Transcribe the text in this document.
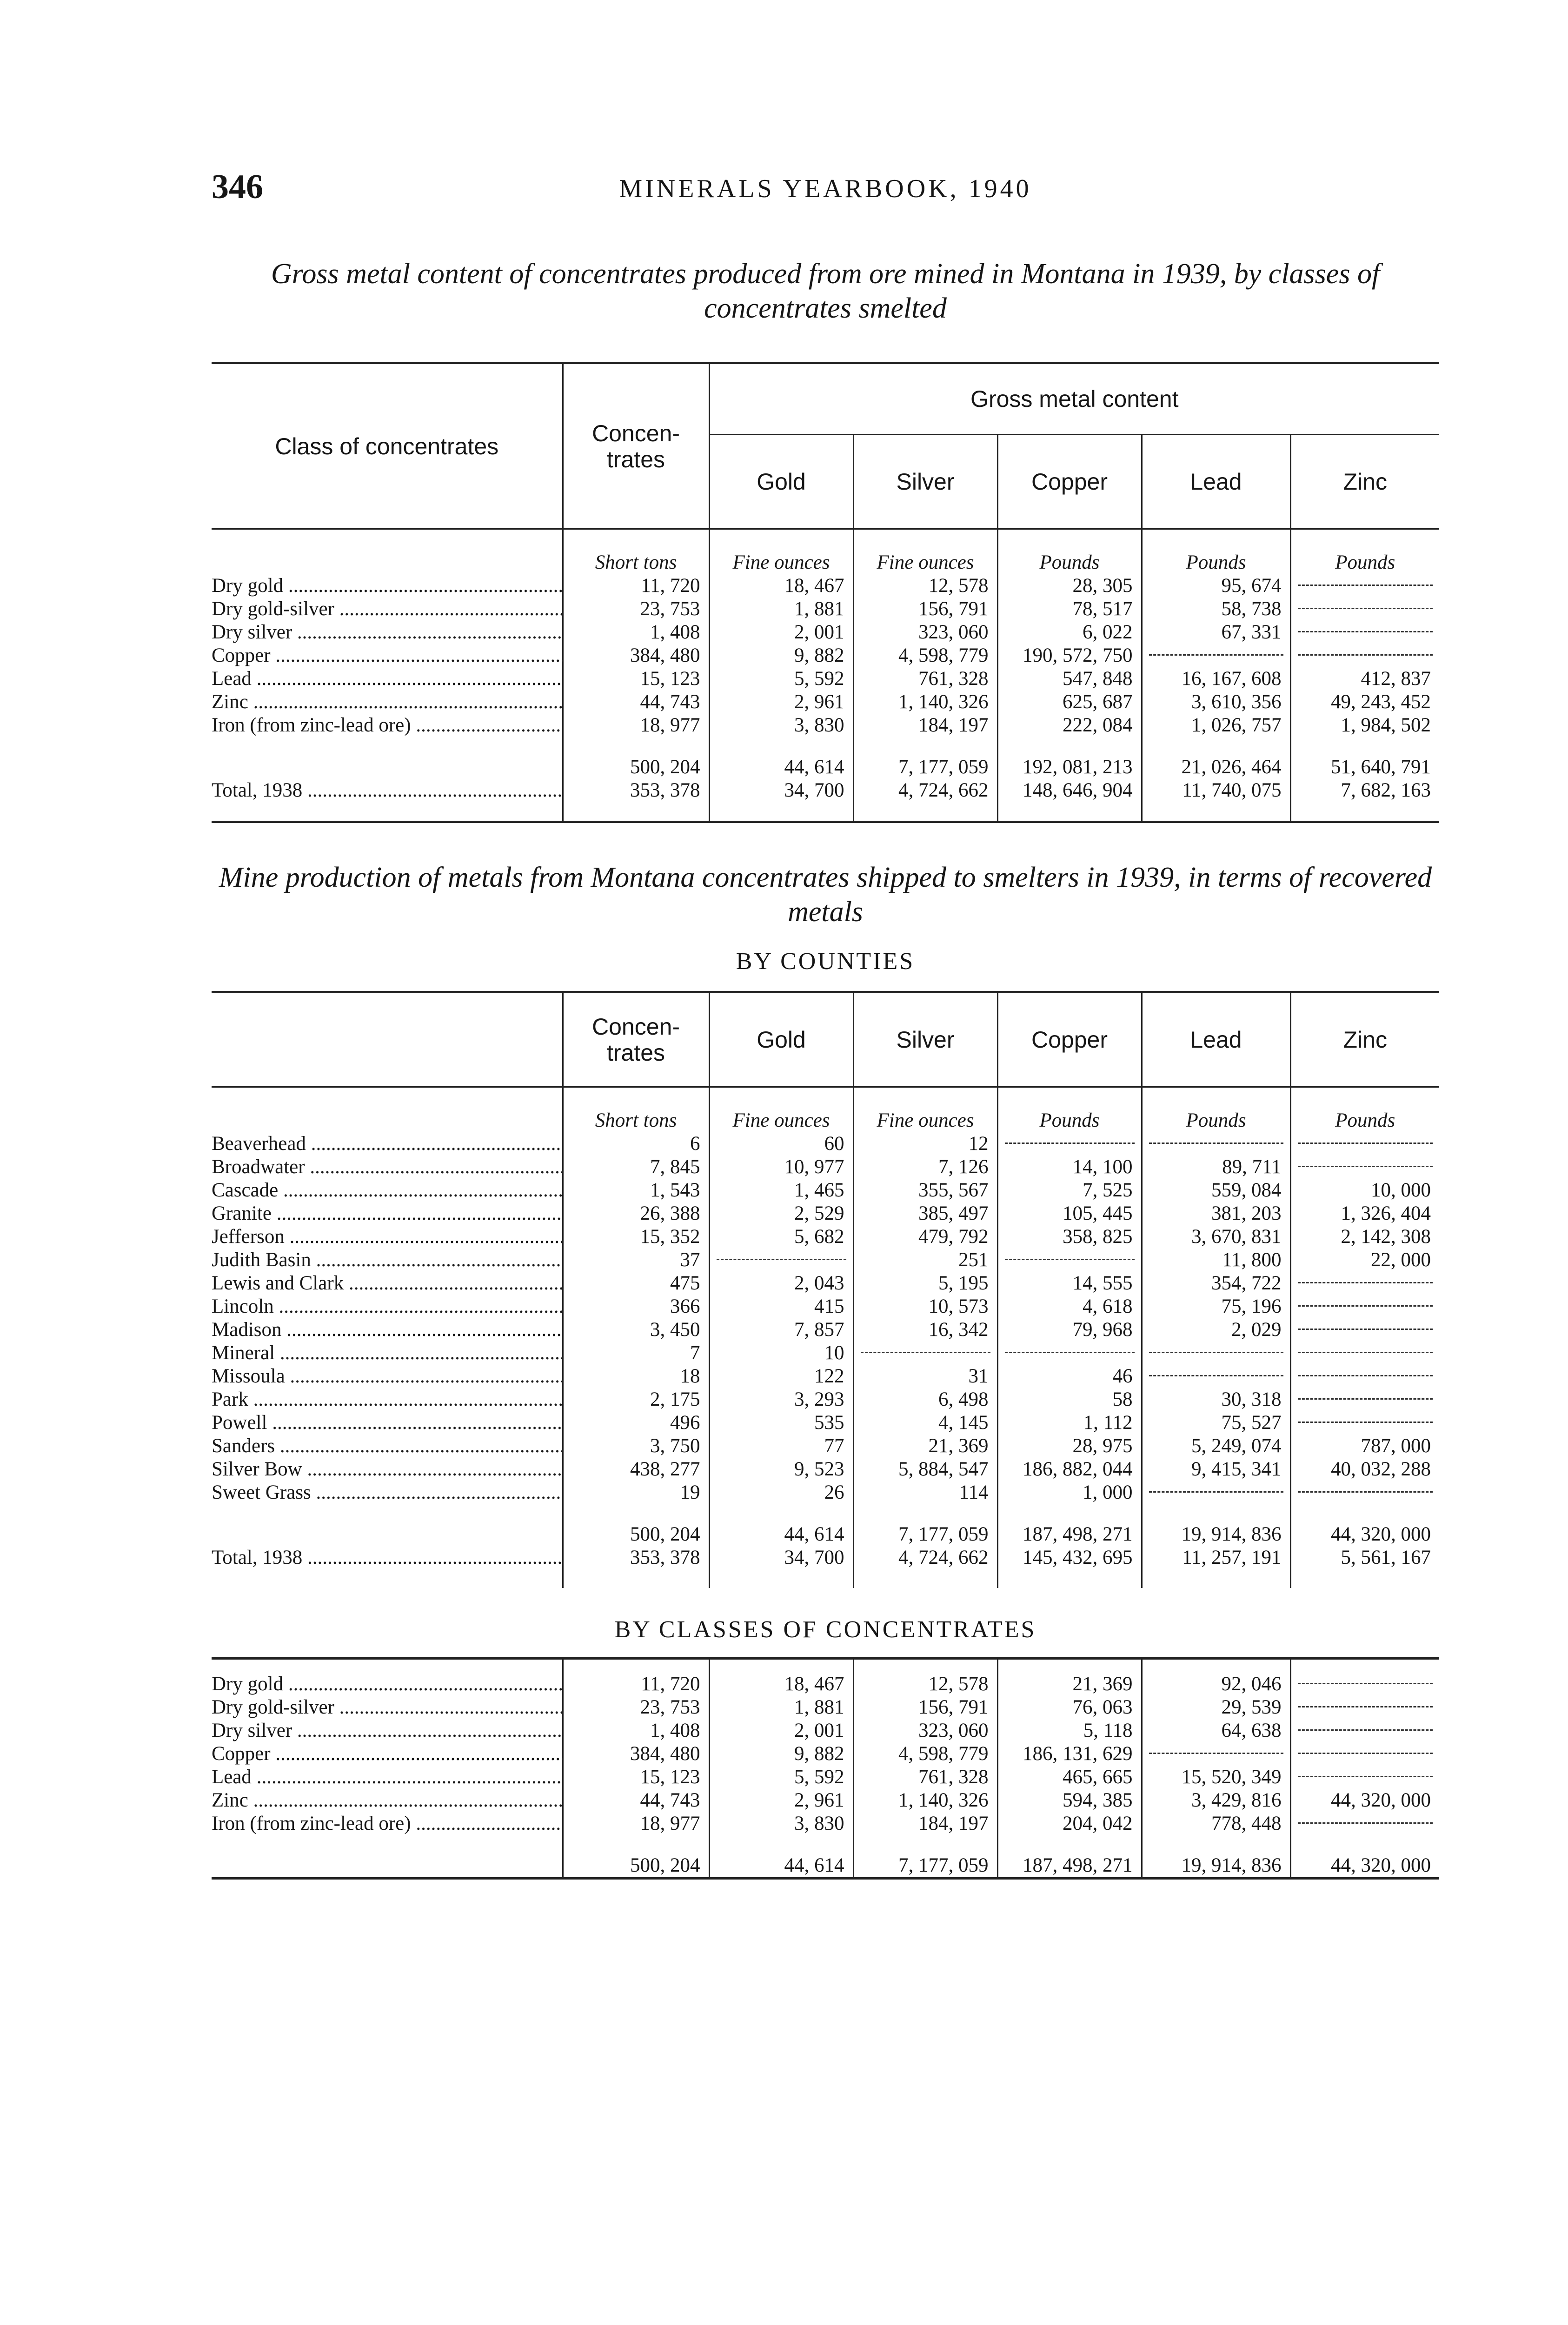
346	MINERALS YEARBOOK, 1940
Gross metal content of concentrates produced from ore mined in Montana in 1939, by classes of concentrates smelted
Class of concentrates	Concen-trates	Gross metal content				
		Gold	Silver	Copper	Lead	Zinc
	Short tons	Fine ounces	Fine ounces	Pounds	Pounds	Pounds
Dry gold .....	11, 720	18, 467	12, 578	28, 305	95, 674	

Dry gold-silver .....	23, 753	1, 881	156, 791	78, 517	58, 738	

Dry silver .....	1, 408	2, 001	323, 060	6, 022	67, 331	

Copper .....	384, 480	9, 882	4, 598, 779	190, 572, 750	

Lead .....	15, 123	5, 592	761, 328	547, 848	16, 167, 608	412, 837
Zinc .....	44, 743	2, 961	1, 140, 326	625, 687	3, 610, 356	49, 243, 452
Iron (from zinc-lead ore) .....	18, 977	3, 830	184, 197	222, 084	1, 026, 757	1, 984, 502

	500, 204	44, 614	7, 177, 059	192, 081, 213	21, 026, 464	51, 640, 791
Total, 1938 .....	353, 378	34, 700	4, 724, 662	148, 646, 904	11, 740, 075	7, 682, 163

Mine production of metals from Montana concentrates shipped to smelters in 1939, in terms of recovered metals
BY COUNTIES
	Concen-trates	Gold	Silver	Copper	Lead	Zinc
	Short tons	Fine ounces	Fine ounces	Pounds	Pounds	Pounds
Beaverhead .....	6	60	12	

Broadwater .....	7, 845	10, 977	7, 126	14, 100	89, 711	

Cascade .....	1, 543	1, 465	355, 567	7, 525	559, 084	10, 000
Granite .....	26, 388	2, 529	385, 497	105, 445	381, 203	1, 326, 404
Jefferson .....	15, 352	5, 682	479, 792	358, 825	3, 670, 831	2, 142, 308
Judith Basin .....	37		251		11, 800	22, 000
Lewis and Clark .....	475	2, 043	5, 195	14, 555	354, 722	

Lincoln .....	366	415	10, 573	4, 618	75, 196	

Madison .....	3, 450	7, 857	16, 342	79, 968	2, 029	

Mineral .....	7	10	

Missoula .....	18	122	31	46	

Park .....	2, 175	3, 293	6, 498	58	30, 318	

Powell .....	496	535	4, 145	1, 112	75, 527	

Sanders .....	3, 750	77	21, 369	28, 975	5, 249, 074	787, 000
Silver Bow .....	438, 277	9, 523	5, 884, 547	186, 882, 044	9, 415, 341	40, 032, 288
Sweet Grass .....	19	26	114	1, 000	

	500, 204	44, 614	7, 177, 059	187, 498, 271	19, 914, 836	44, 320, 000
Total, 1938 .....	353, 378	34, 700	4, 724, 662	145, 432, 695	11, 257, 191	5, 561, 167
BY CLASSES OF CONCENTRATES

Dry gold .....	11, 720	18, 467	12, 578	21, 369	92, 046	

Dry gold-silver .....	23, 753	1, 881	156, 791	76, 063	29, 539	

Dry silver .....	1, 408	2, 001	323, 060	5, 118	64, 638	

Copper .....	384, 480	9, 882	4, 598, 779	186, 131, 629	

Lead .....	15, 123	5, 592	761, 328	465, 665	15, 520, 349	

Zinc .....	44, 743	2, 961	1, 140, 326	594, 385	3, 429, 816	44, 320, 000
Iron (from zinc-lead ore) .....	18, 977	3, 830	184, 197	204, 042	778, 448	

	500, 204	44, 614	7, 177, 059	187, 498, 271	19, 914, 836	44, 320, 000
